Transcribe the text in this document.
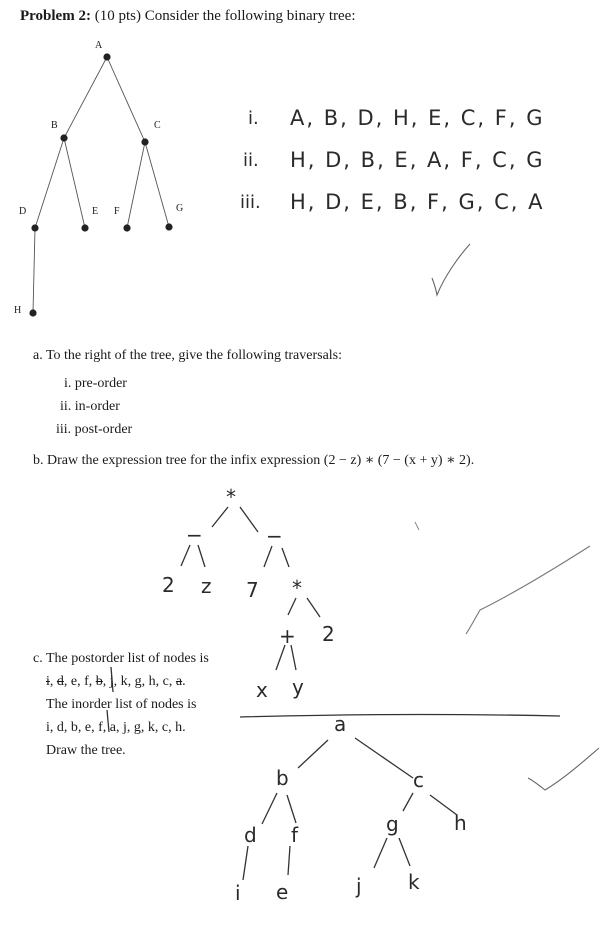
Problem 2: (10 pts) Consider the following binary tree:
A
B	C
D	E F	G
H
i. A, B, D, H, E, C, F, G
ii. H, D, B, E, A, F, C, G
iii. H, D, E, B, F, G, C, A
a. To the right of the tree, give the following traversals:
i. pre-order
ii. in-order
iii. post-order
b. Draw the expression tree for the infix expression (2 − z) ∗ (7 − (x + y) ∗ 2).
*
−	−
2 z 7 *
+ 2
x y
c. The postorder list of nodes is
i, d, e, f, b, j, k, g, h, c, a.
The inorder list of nodes is
i, d, b, e, f, a, j, g, k, c, h.
Draw the tree.
a
b	c
d f	g	h
i e	j k
